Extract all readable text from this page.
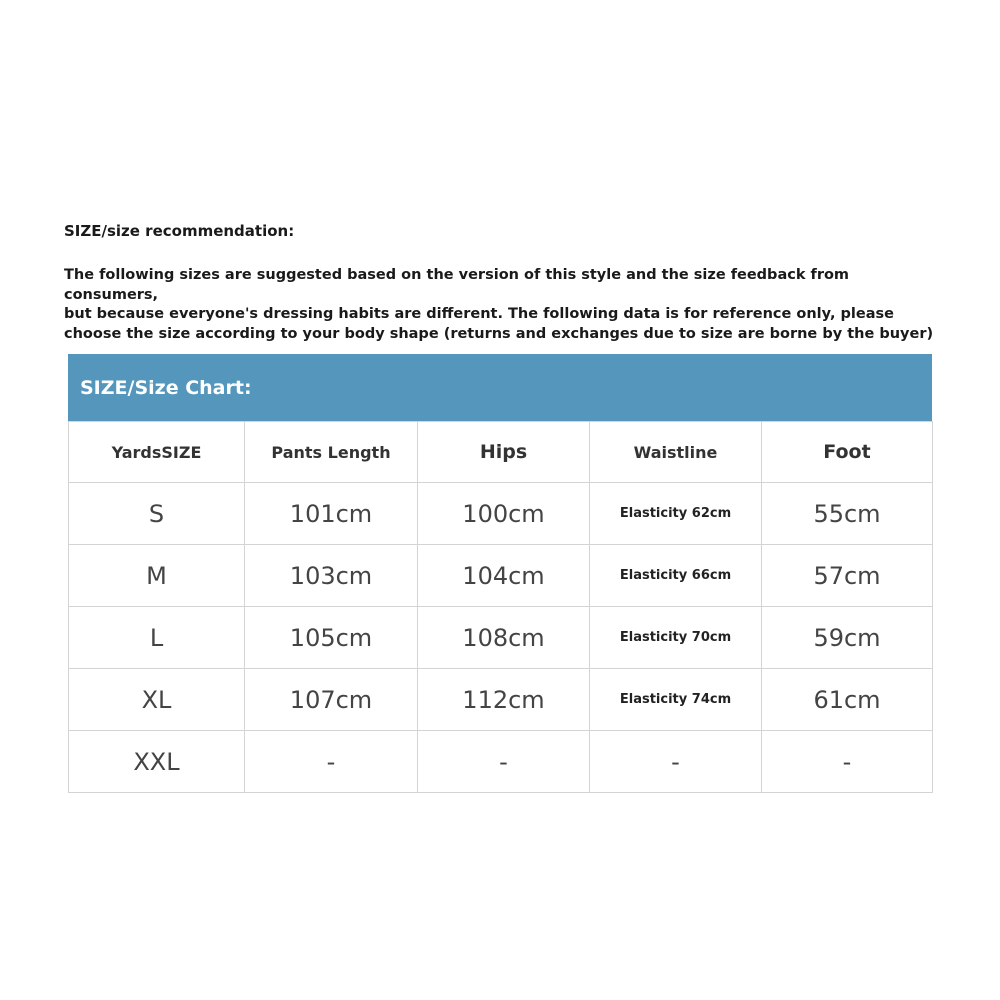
SIZE/size recommendation:

The following sizes are suggested based on the version of this style and the size feedback from consumers,
but because everyone's dressing habits are different. The following data is for reference only, please
choose the size according to your body shape (returns and exchanges due to size are borne by the buyer)

SIZE/Size Chart:
YardsSIZE	Pants Length	Hips	Waistline	Foot
S	101cm	100cm	Elasticity 62cm	55cm
M	103cm	104cm	Elasticity 66cm	57cm
L	105cm	108cm	Elasticity 70cm	59cm
XL	107cm	112cm	Elasticity 74cm	61cm
XXL	-	-	-	-
